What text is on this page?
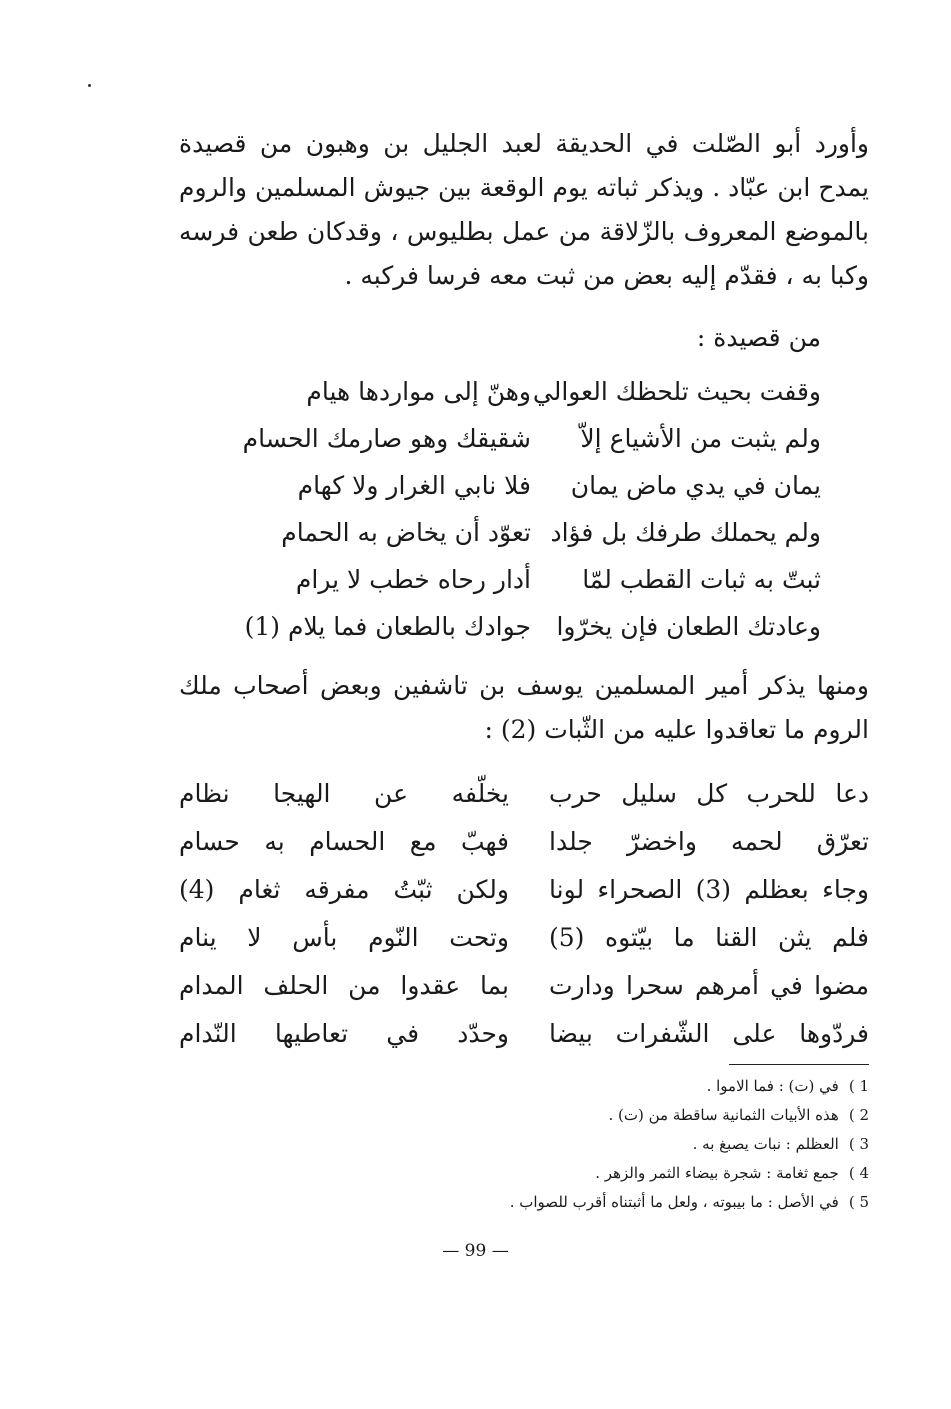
وأورد أبو الصّلت في الحديقة لعبد الجليل بن وهبون من قصيدة يمدح ابن عبّاد . ويذكر ثباته يوم الوقعة بين جيوش المسلمين والروم بالموضع المعروف بالزّلاقة من عمل بطليوس ، وقدكان طعن فرسه وكبا به ، فقدّم إليه بعض من ثبت معه فرسا فركبه .

من قصيدة :
وقفت بحيث تلحظك العوالي
وهنّ إلى مواردها هيام
ولم يثبت من الأشياع إلاّ
شقيقك وهو صارمك الحسام
يمان في يدي ماض يمان
فلا نابي الغرار ولا كهام
ولم يحملك طرفك بل فؤاد
تعوّد أن يخاض به الحمام
ثبتّ به ثبات القطب لمّا
أدار رحاه خطب لا يرام
وعادتك الطعان فإن يخرّوا
جوادك بالطعان فما يلام (1)

ومنها يذكر أمير المسلمين يوسف بن تاشفين وبعض أصحاب ملك الروم ما تعاقدوا عليه من الثّبات (2) :

دعا للحرب كل سليل حرب
يخلّفه عن الهيجا نظام
تعرّق لحمه واخضرّ جلدا
فهبّ مع الحسام به حسام
وجاء بعظلم (3) الصحراء لونا
ولكن ثبّتُ مفرقه ثغام (4)
فلم يثن القنا ما بيّتوه (5)
وتحت النّوم بأس لا ينام
مضوا في أمرهم سحرا ودارت
بما عقدوا من الحلف المدام
فردّوها على الشّفرات بيضا
وحدّد في تعاطيها النّدام
1 )في (ت) : فما الاموا .
2 )هذه الأبيات الثمانية ساقطة من (ت) .
3 )العظلم : نبات يصبغ به .
4 )جمع ثغامة : شجرة بيضاء الثمر والزهر .
5 )في الأصل : ما بيبوته ، ولعل ما أثبتناه أقرب للصواب .
— 99 —
